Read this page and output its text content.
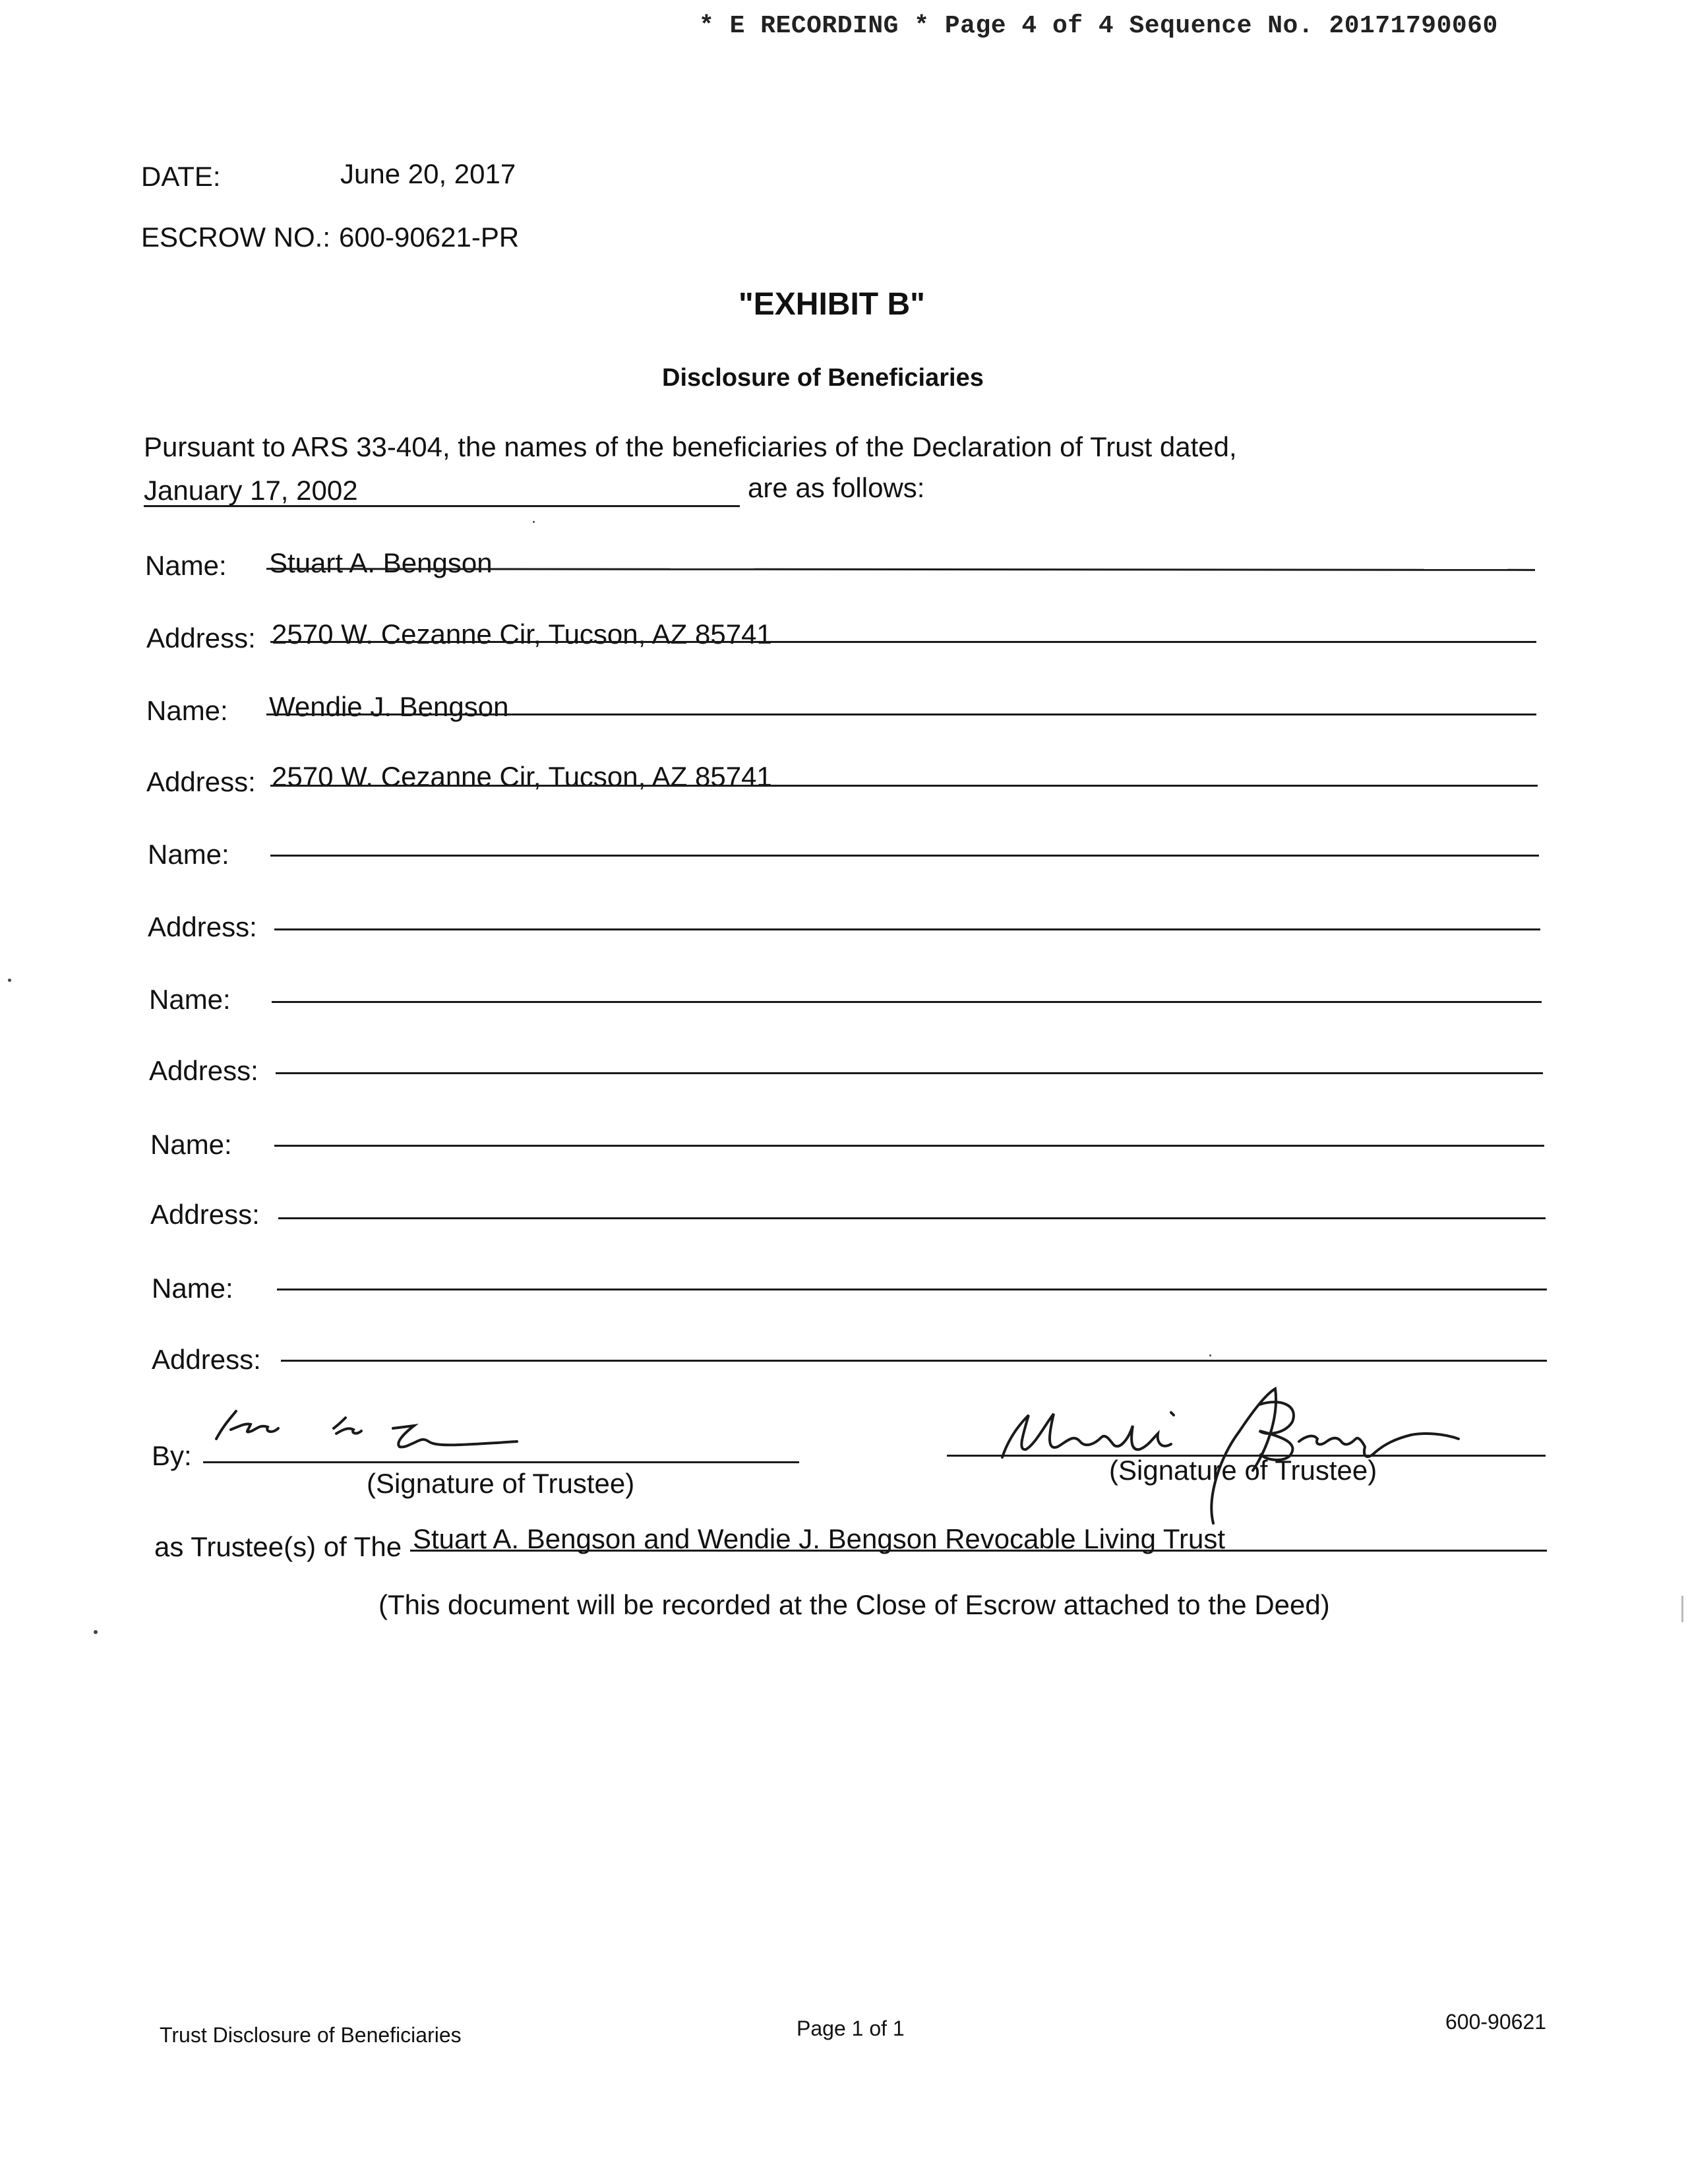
* E RECORDING * Page 4 of 4 Sequence No. 20171790060
DATE:	June 20, 2017
ESCROW NO.: 600-90621-PR
"EXHIBIT B"
Disclosure of Beneficiaries
Pursuant to ARS 33-404, the names of the beneficiaries of the Declaration of Trust dated,
January 17, 2002	are as follows:
Name: Stuart A. Bengson
Address: 2570 W. Cezanne Cir, Tucson, AZ 85741
Name: Wendie J. Bengson
Address: 2570 W. Cezanne Cir, Tucson, AZ 85741
Name:
Address:
Name:
Address:
Name:
Address:
Name:
Address:
By:
(Signature of Trustee)	(Signature of Trustee)
as Trustee(s) of The Stuart A. Bengson and Wendie J. Bengson Revocable Living Trust
(This document will be recorded at the Close of Escrow attached to the Deed)
Trust Disclosure of Beneficiaries	Page 1 of 1	600-90621
